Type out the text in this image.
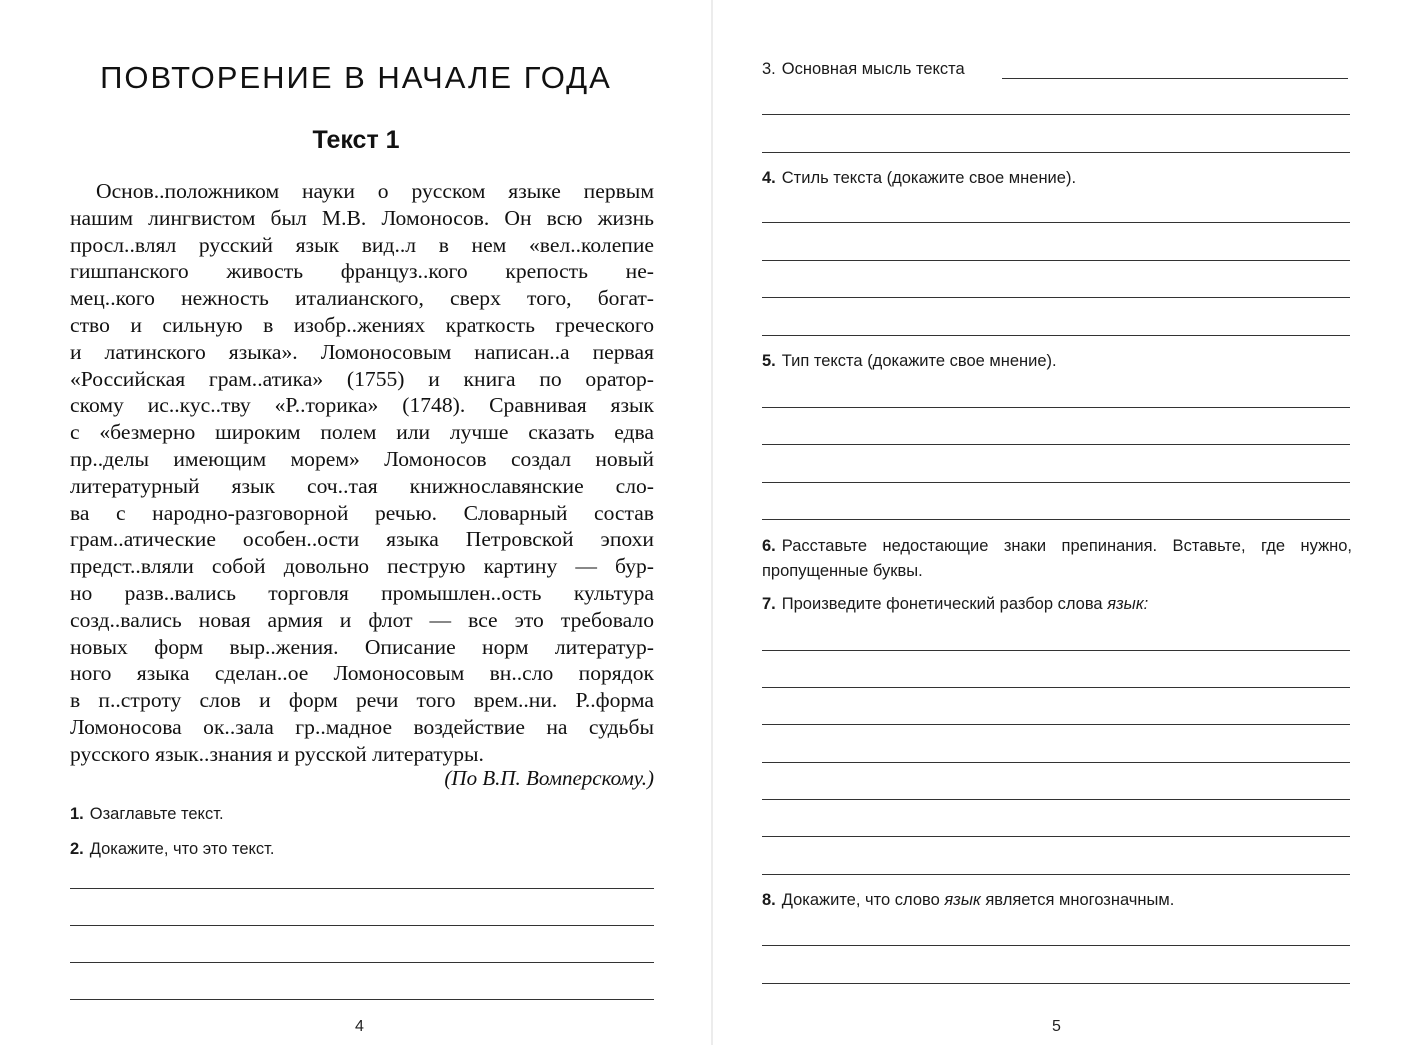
ПОВТОРЕНИЕ В НАЧАЛЕ ГОДА
Текст 1
Основ..положником науки о русском языке первым
нашим лингвистом был М.В. Ломоносов. Он всю жизнь
просл..влял русский язык вид..л в нем «вел..колепие
гишпанского живость француз..кого крепость не-
мец..кого нежность италианского, сверх того, богат-
ство и сильную в изобр..жениях краткость греческого
и латинского языка». Ломоносовым написан..а первая
«Российская грам..атика» (1755) и книга по оратор-
скому ис..кус..тву «Р..торика» (1748). Сравнивая язык
с «безмерно широким полем или лучше сказать едва
пр..делы имеющим морем» Ломоносов создал новый
литературный язык соч..тая книжнославянские сло-
ва с народно-разговорной речью. Словарный состав
грам..атические особен..ости языка Петровской эпохи
предст..вляли собой довольно пеструю картину — бур-
но разв..вались торговля промышлен..ость культура
созд..вались новая армия и флот — все это требовало
новых форм выр..жения. Описание норм литератур-
ного языка сделан..ое Ломоносовым вн..сло порядок
в п..строту слов и форм речи того врем..ни. Р..форма
Ломоносова ок..зала гр..мадное воздействие на судьбы
русского язык..знания и русской литературы.

(По В.П. Вомперскому.)

1. Озаглавьте текст.

2. Докажите, что это текст.

4

3. Основная мысль текста
4. Стиль текста (докажите свое мнение).
5. Тип текста (докажите свое мнение).
6. Расставьте недостающие знаки препинания. Вставьте, где нужно, пропущенные буквы.
7. Произведите фонетический разбор слова язык:
8. Докажите, что слово язык является многозначным.

5
